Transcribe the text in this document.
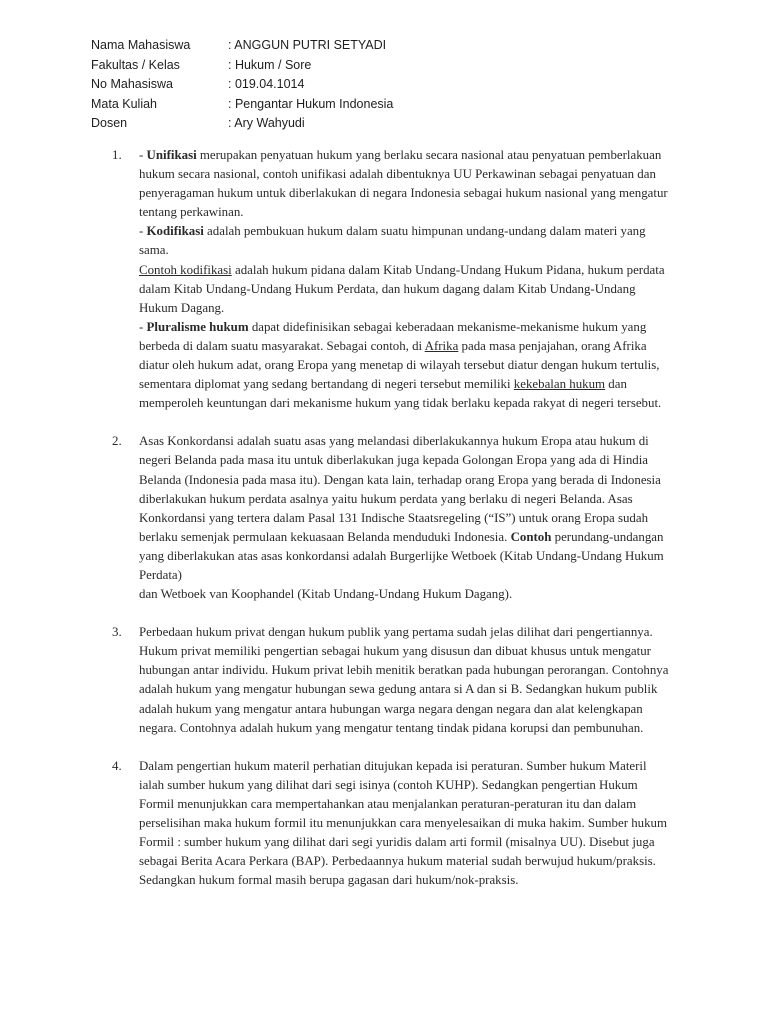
Nama Mahasiswa	: ANGGUN PUTRI SETYADI
Fakultas / Kelas	: Hukum / Sore
No Mahasiswa	: 019.04.1014
Mata Kuliah	: Pengantar Hukum Indonesia
Dosen	: Ary Wahyudi
1.	- Unifikasi merupakan penyatuan hukum yang berlaku secara nasional atau penyatuan pemberlakuan hukum secara nasional, contoh unifikasi adalah dibentuknya UU Perkawinan sebagai penyatuan dan penyeragaman hukum untuk diberlakukan di negara Indonesia sebagai hukum nasional yang mengatur tentang perkawinan.

- Kodifikasi adalah pembukuan hukum dalam suatu himpunan undang-undang dalam materi yang sama.

Contoh kodifikasi adalah hukum pidana dalam Kitab Undang-Undang Hukum Pidana, hukum perdata dalam Kitab Undang-Undang Hukum Perdata, dan hukum dagang dalam Kitab Undang-Undang Hukum Dagang.

- Pluralisme hukum dapat didefinisikan sebagai keberadaan mekanisme-mekanisme hukum yang berbeda di dalam suatu masyarakat. Sebagai contoh, di Afrika pada masa penjajahan, orang Afrika diatur oleh hukum adat, orang Eropa yang menetap di wilayah tersebut diatur dengan hukum tertulis, sementara diplomat yang sedang bertandang di negeri tersebut memiliki kekebalan hukum dan memperoleh keuntungan dari mekanisme hukum yang tidak berlaku kepada rakyat di negeri tersebut.

2.	Asas Konkordansi adalah suatu asas yang melandasi diberlakukannya hukum Eropa atau hukum di negeri Belanda pada masa itu untuk diberlakukan juga kepada Golongan Eropa yang ada di Hindia Belanda (Indonesia pada masa itu). Dengan kata lain, terhadap orang Eropa yang berada di Indonesia diberlakukan hukum perdata asalnya yaitu hukum perdata yang berlaku di negeri Belanda. Asas Konkordansi yang tertera dalam Pasal 131 Indische Staatsregeling (“IS”) untuk orang Eropa sudah berlaku semenjak permulaan kekuasaan Belanda menduduki Indonesia. Contoh perundang-undangan yang diberlakukan atas asas konkordansi adalah Burgerlijke Wetboek (Kitab Undang-Undang Hukum Perdata)

dan Wetboek van Koophandel (Kitab Undang-Undang Hukum Dagang).

3.	Perbedaan hukum privat dengan hukum publik yang pertama sudah jelas dilihat dari pengertiannya. Hukum privat memiliki pengertian sebagai hukum yang disusun dan dibuat khusus untuk mengatur hubungan antar individu. Hukum privat lebih menitik beratkan pada hubungan perorangan. Contohnya adalah hukum yang mengatur hubungan sewa gedung antara si A dan si B. Sedangkan hukum publik adalah hukum yang mengatur antara hubungan warga negara dengan negara dan alat kelengkapan negara. Contohnya adalah hukum yang mengatur tentang tindak pidana korupsi dan pembunuhan.

4.	Dalam pengertian hukum materil perhatian ditujukan kepada isi peraturan. Sumber hukum Materil ialah sumber hukum yang dilihat dari segi isinya (contoh KUHP). Sedangkan pengertian Hukum Formil menunjukkan cara mempertahankan atau menjalankan peraturan-peraturan itu dan dalam perselisihan maka hukum formil itu menunjukkan cara menyelesaikan di muka hakim. Sumber hukum Formil : sumber hukum yang dilihat dari segi yuridis dalam arti formil (misalnya UU). Disebut juga sebagai Berita Acara Perkara (BAP). Perbedaannya hukum material sudah berwujud hukum/praksis. Sedangkan hukum formal masih berupa gagasan dari hukum/nok-praksis.
